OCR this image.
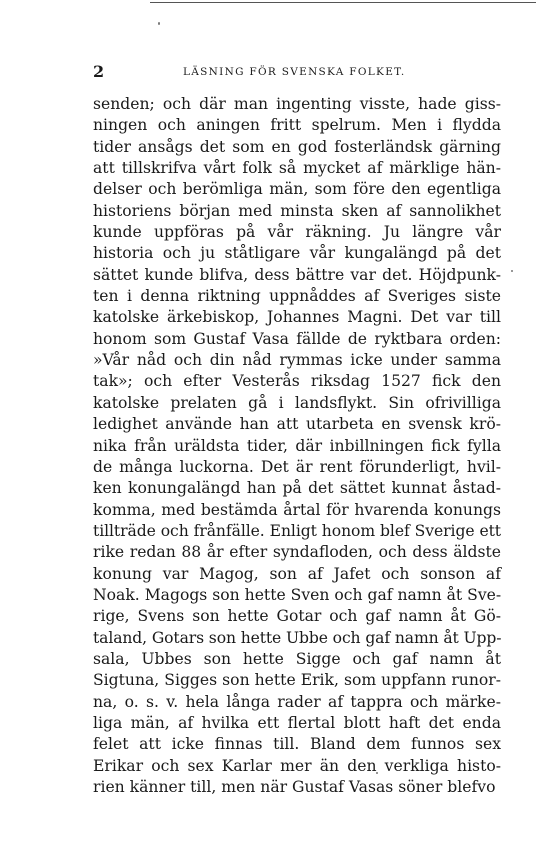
2	LÄSNING FÖR SVENSKA FOLKET.
senden; och där man ingenting visste, hade giss-
ningen och aningen fritt spelrum. Men i flydda
tider ansågs det som en god fosterländsk gärning
att tillskrifva vårt folk så mycket af märklige hän-
delser och berömliga män, som före den egentliga
historiens början med minsta sken af sannolikhet
kunde uppföras på vår räkning. Ju längre vår
historia och ju ståtligare vår kungalängd på det
sättet kunde blifva, dess bättre var det. Höjdpunk-
ten i denna riktning uppnåddes af Sveriges siste
katolske ärkebiskop, Johannes Magni. Det var till
honom som Gustaf Vasa fällde de ryktbara orden:
»Vår nåd och din nåd rymmas icke under samma
tak»; och efter Vesterås riksdag 1527 fick den
katolske prelaten gå i landsflykt. Sin ofrivilliga
ledighet använde han att utarbeta en svensk krö-
nika från uräldsta tider, där inbillningen fick fylla
de många luckorna. Det är rent förunderligt, hvil-
ken konungalängd han på det sättet kunnat åstad-
komma, med bestämda årtal för hvarenda konungs
tillträde och frånfälle. Enligt honom blef Sverige ett
rike redan 88 år efter syndafloden, och dess äldste
konung var Magog, son af Jafet och sonson af
Noak. Magogs son hette Sven och gaf namn åt Sve-
rige, Svens son hette Gotar och gaf namn åt Gö-
taland, Gotars son hette Ubbe och gaf namn åt Upp-
sala, Ubbes son hette Sigge och gaf namn åt
Sigtuna, Sigges son hette Erik, som uppfann runor-
na, o. s. v. hela långa rader af tappra och märke-
liga män, af hvilka ett flertal blott haft det enda
felet att icke finnas till. Bland dem funnos sex
Erikar och sex Karlar mer än den verkliga histo-
rien känner till, men när Gustaf Vasas söner blefvo
